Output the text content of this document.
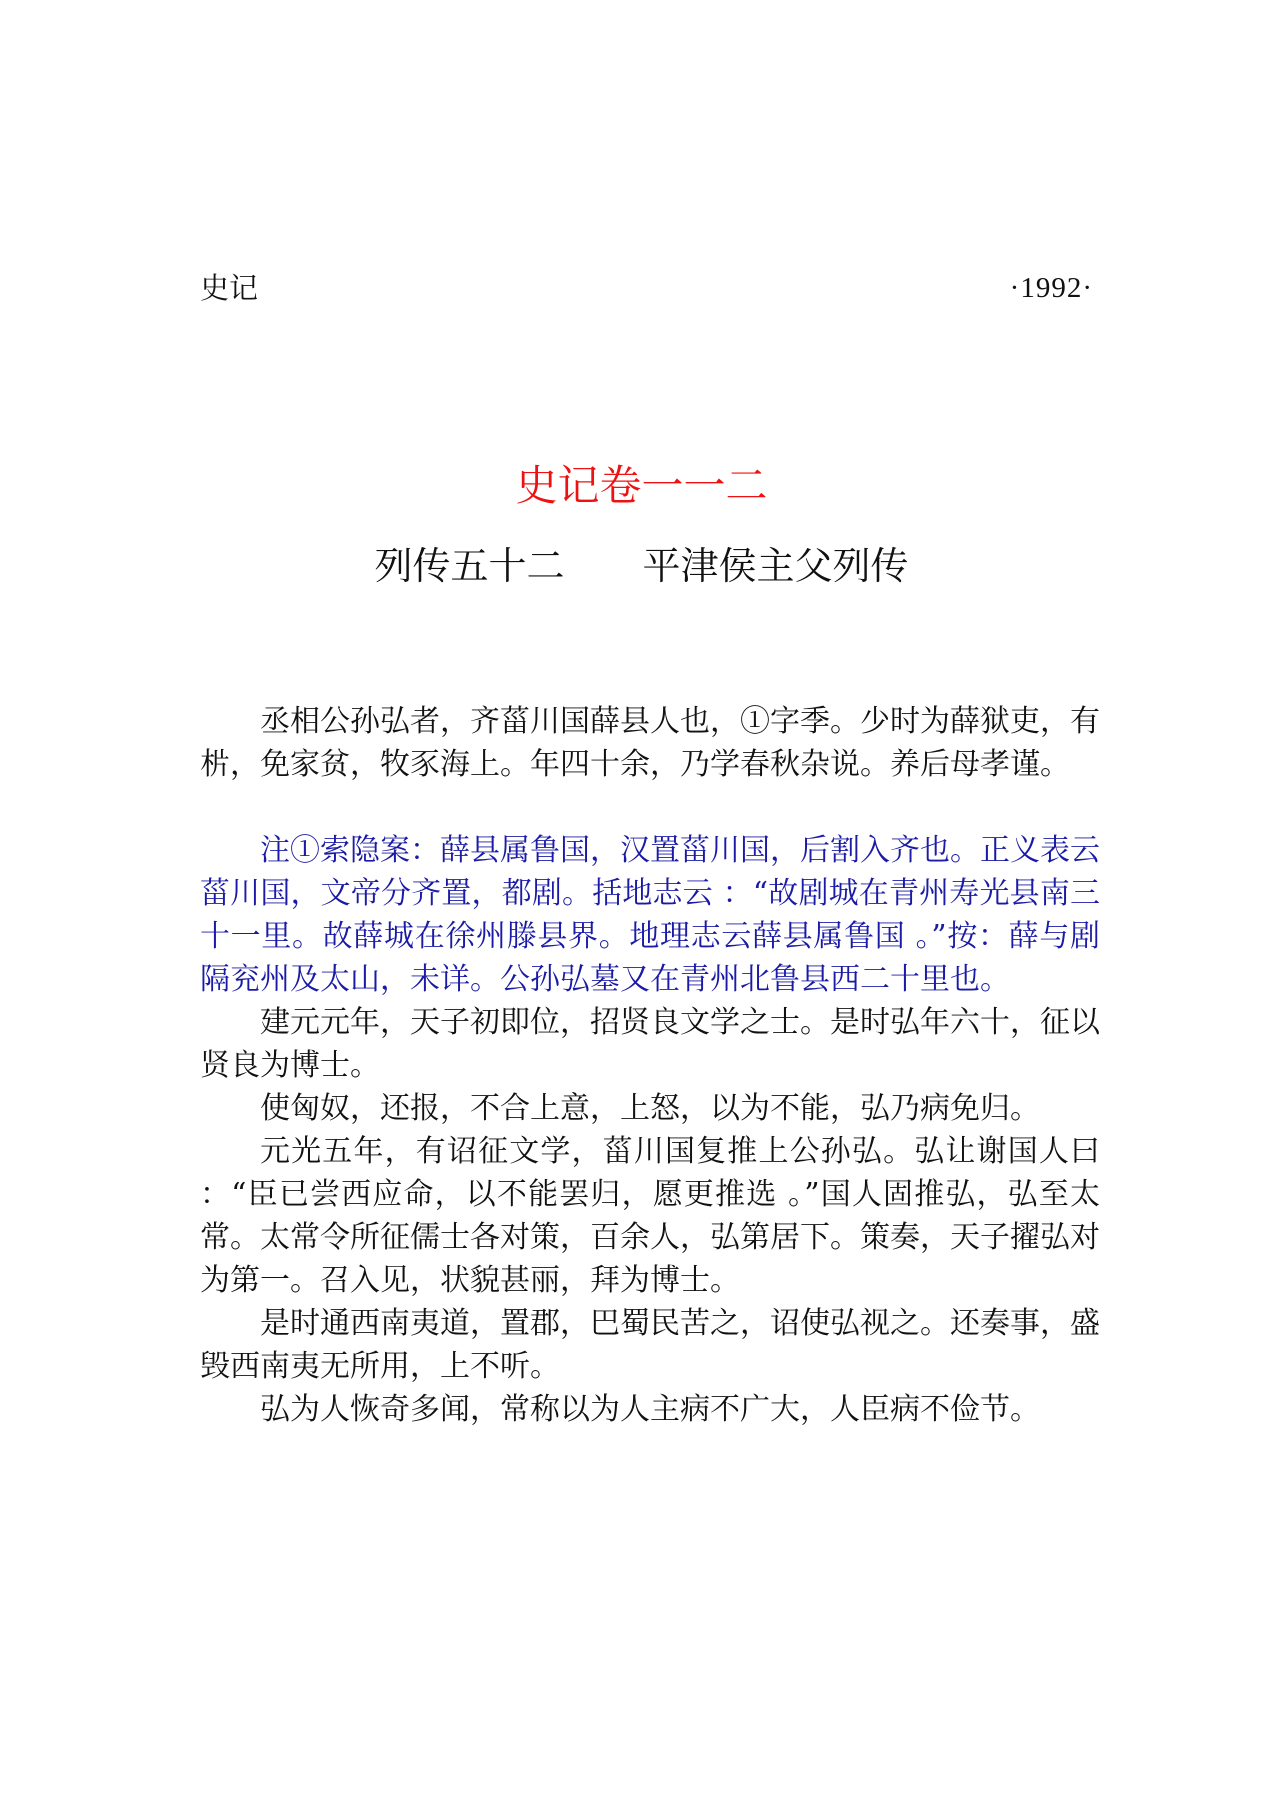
史记	·1992·
史记卷一一二
列传五十二 平津侯主父列传

丞相公孙弘者，齐菑川国薛县人也，①字季。少时为薛狱吏，有㭊，免家贫，牧豕海上。年四十余，乃学春秋杂说。养后母孝谨。

注①索隐案：薛县属鲁国，汉置菑川国，后割入齐也。正义表云菑川国，文帝分齐置，都剧。括地志云 ：“故剧城在青州寿光县南三十一里。故薛城在徐州滕县界。地理志云薛县属鲁国 。”按：薛与剧隔兖州及太山，未详。公孙弘墓又在青州北鲁县西二十里也。

建元元年，天子初即位，招贤良文学之士。是时弘年六十，征以贤良为博士。

使匈奴，还报，不合上意，上怒，以为不能，弘乃病免归。

元光五年，有诏征文学，菑川国复推上公孙弘。弘让谢国人曰 ：“臣已尝西应命，以不能罢归，愿更推选 。”国人固推弘，弘至太常。太常令所征儒士各对策，百余人，弘第居下。策奏，天子擢弘对为第一。召入见，状貌甚丽，拜为博士。

是时通西南夷道，置郡，巴蜀民苦之，诏使弘视之。还奏事，盛毁西南夷无所用，上不听。

弘为人恢奇多闻，常称以为人主病不广大，人臣病不俭节。
